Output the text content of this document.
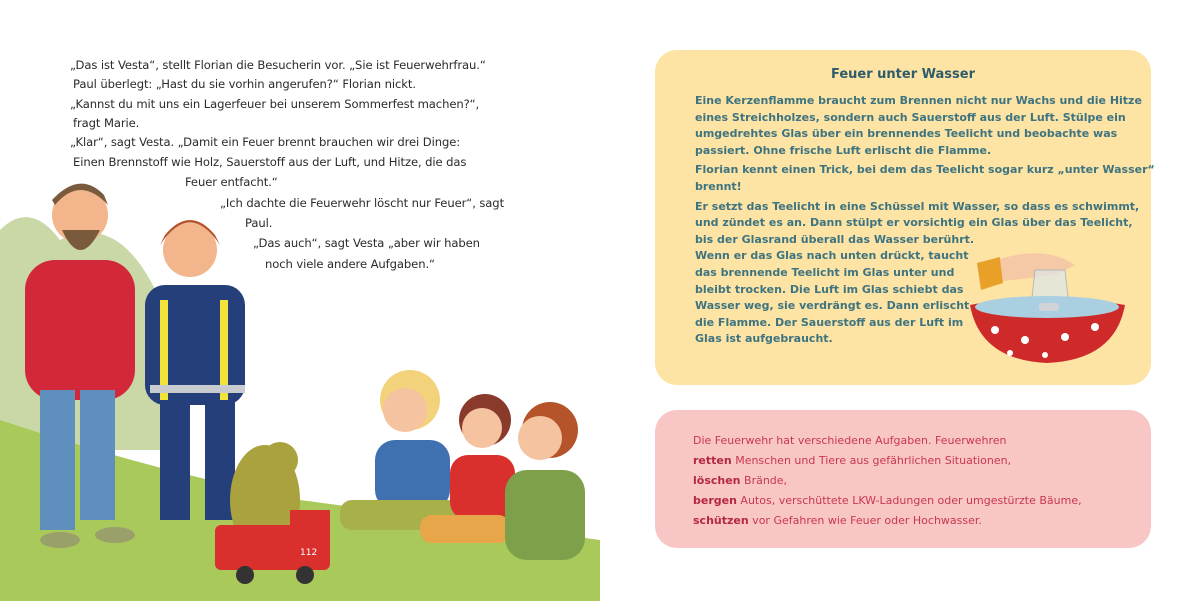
112
„Das ist Vesta“, stellt Florian die Besucherin vor. „Sie ist Feuerwehrfrau.“
Paul überlegt: „Hast du sie vorhin angerufen?“ Florian nickt.
„Kannst du mit uns ein Lagerfeuer bei unserem Sommerfest machen?“,
fragt Marie.
„Klar“, sagt Vesta. „Damit ein Feuer brennt brauchen wir drei Dinge:
Einen Brennstoff wie Holz, Sauerstoff aus der Luft, und Hitze, die das
Feuer entfacht.“
„Ich dachte die Feuerwehr löscht nur Feuer“, sagt
Paul.
„Das auch“, sagt Vesta „aber wir haben
noch viele andere Aufgaben.“
Feuer unter Wasser
Eine Kerzenflamme braucht zum Brennen nicht nur Wachs und die Hitze
eines Streichholzes, sondern auch Sauerstoff aus der Luft. Stülpe ein
umgedrehtes Glas über ein brennendes Teelicht und beobachte was
passiert. Ohne frische Luft erlischt die Flamme.
Florian kennt einen Trick, bei dem das Teelicht sogar kurz „unter Wasser“
brennt!
Er setzt das Teelicht in eine Schüssel mit Wasser, so dass es schwimmt,
und zündet es an. Dann stülpt er vorsichtig ein Glas über das Teelicht,
bis der Glasrand überall das Wasser berührt.
Wenn er das Glas nach unten drückt, taucht
das brennende Teelicht im Glas unter und
bleibt trocken. Die Luft im Glas schiebt das
Wasser weg, sie verdrängt es. Dann erlischt
die Flamme. Der Sauerstoff aus der Luft im
Glas ist aufgebraucht.
Die Feuerwehr hat verschiedene Aufgaben. Feuerwehren
retten Menschen und Tiere aus gefährlichen Situationen,
löschen Brände,
bergen Autos, verschüttete LKW-Ladungen oder umgestürzte Bäume,
schützen vor Gefahren wie Feuer oder Hochwasser.
